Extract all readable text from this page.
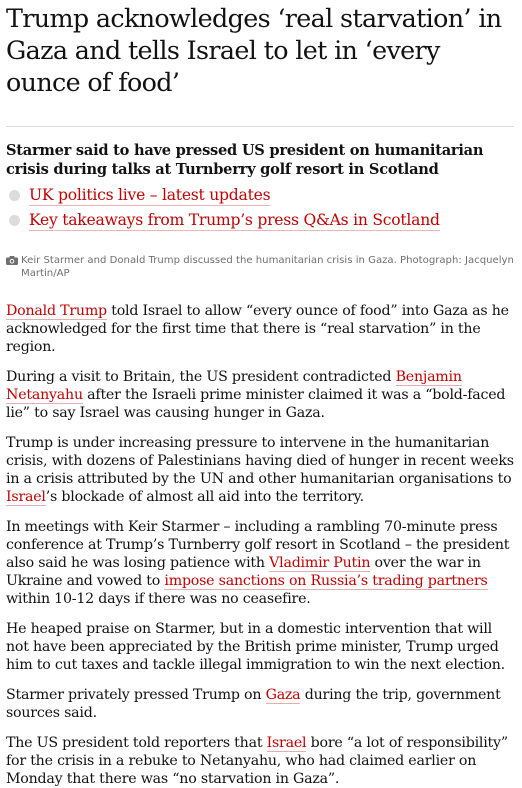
Trump acknowledges ‘real starvation’ in Gaza and tells Israel to let in ‘every ounce of food’

Starmer said to have pressed US president on humanitarian crisis during talks at Turnberry golf resort in Scotland

UK politics live – latest updates
Key takeaways from Trump’s press Q&As in Scotland
Keir Starmer and Donald Trump discussed the humanitarian crisis in Gaza. Photograph: Jacquelyn Martin/AP

Donald Trump told Israel to allow “every ounce of food” into Gaza as he acknowledged for the first time that there is “real starvation” in the region.

During a visit to Britain, the US president contradicted Benjamin Netanyahu after the Israeli prime minister claimed it was a “bold-faced lie” to say Israel was causing hunger in Gaza.

Trump is under increasing pressure to intervene in the humanitarian crisis, with dozens of Palestinians having died of hunger in recent weeks in a crisis attributed by the UN and other humanitarian organisations to Israel’s blockade of almost all aid into the territory.

In meetings with Keir Starmer – including a rambling 70-minute press conference at Trump’s Turnberry golf resort in Scotland – the president also said he was losing patience with Vladimir Putin over the war in Ukraine and vowed to impose sanctions on Russia’s trading partners within 10-12 days if there was no ceasefire.

He heaped praise on Starmer, but in a domestic intervention that will not have been appreciated by the British prime minister, Trump urged him to cut taxes and tackle illegal immigration to win the next election.

Starmer privately pressed Trump on Gaza during the trip, government sources said.

The US president told reporters that Israel bore “a lot of responsibility” for the crisis in a rebuke to Netanyahu, who had claimed earlier on Monday that there was “no starvation in Gaza”.
